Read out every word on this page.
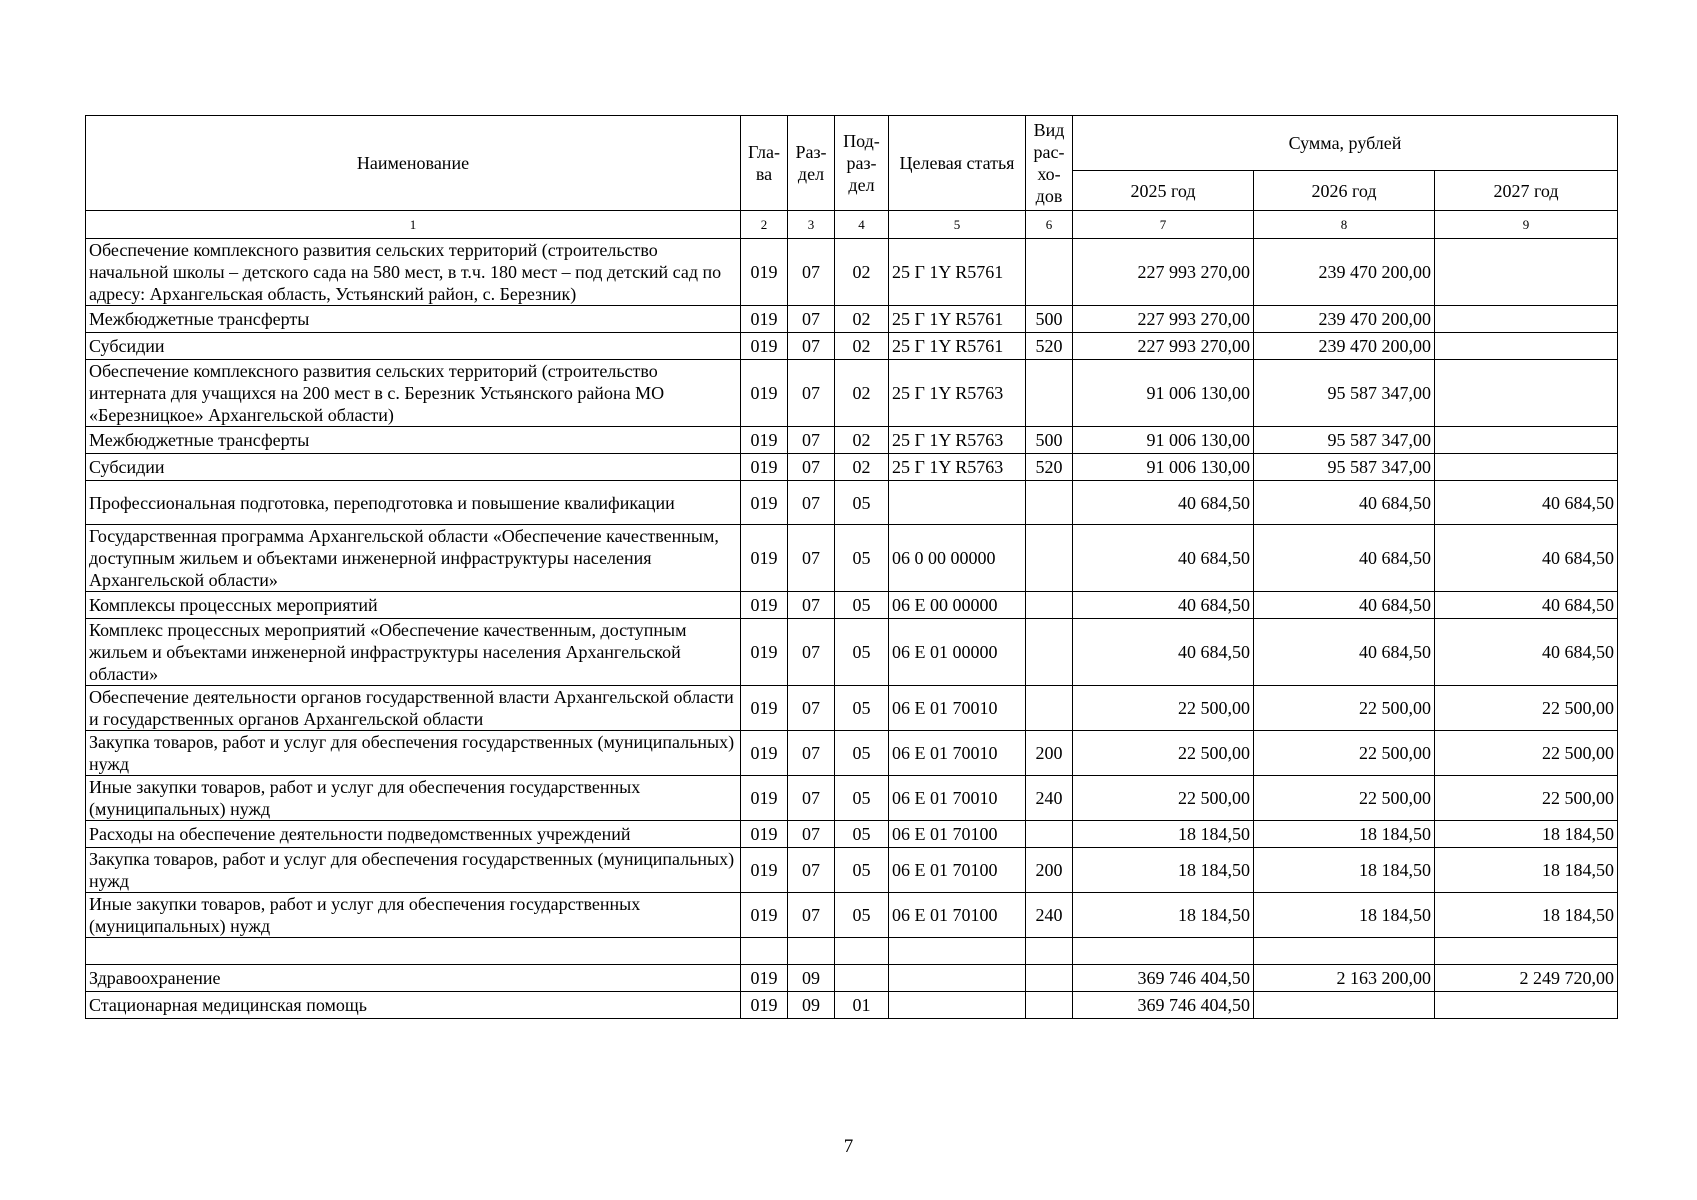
Наименование	Гла-ва	Раз-дел	Под-раз-дел	Целевая статья	Вид рас-хо-дов	Сумма, рублей		
						2025 год	2026 год	2027 год
1	2	3	4	5	6	7	8	9
Обеспечение комплексного развития сельских территорий (строительство начальной школы – детского сада на 580 мест, в т.ч. 180 мест – под детский сад по адресу: Архангельская область, Устьянский район, с. Березник)	019	07	02	25 Г 1Y R5761		227 993 270,00	239 470 200,00	
Межбюджетные трансферты	019	07	02	25 Г 1Y R5761	500	227 993 270,00	239 470 200,00	
Субсидии	019	07	02	25 Г 1Y R5761	520	227 993 270,00	239 470 200,00	
Обеспечение комплексного развития сельских территорий (строительство интерната для учащихся на 200 мест в с. Березник Устьянского района МО «Березницкое» Архангельской области)	019	07	02	25 Г 1Y R5763		91 006 130,00	95 587 347,00	
Межбюджетные трансферты	019	07	02	25 Г 1Y R5763	500	91 006 130,00	95 587 347,00	
Субсидии	019	07	02	25 Г 1Y R5763	520	91 006 130,00	95 587 347,00	
Профессиональная подготовка, переподготовка и повышение квалификации	019	07	05			40 684,50	40 684,50	40 684,50
Государственная программа Архангельской области «Обеспечение качественным, доступным жильем и объектами инженерной инфраструктуры населения Архангельской области»	019	07	05	06 0 00 00000		40 684,50	40 684,50	40 684,50
Комплексы процессных мероприятий	019	07	05	06 Е 00 00000		40 684,50	40 684,50	40 684,50
Комплекс процессных мероприятий «Обеспечение качественным, доступным жильем и объектами инженерной инфраструктуры населения Архангельской области»	019	07	05	06 Е 01 00000		40 684,50	40 684,50	40 684,50
Обеспечение деятельности органов государственной власти Архангельской области и государственных органов Архангельской области	019	07	05	06 Е 01 70010		22 500,00	22 500,00	22 500,00
Закупка товаров, работ и услуг для обеспечения государственных (муниципальных) нужд	019	07	05	06 Е 01 70010	200	22 500,00	22 500,00	22 500,00
Иные закупки товаров, работ и услуг для обеспечения государственных (муниципальных) нужд	019	07	05	06 Е 01 70010	240	22 500,00	22 500,00	22 500,00
Расходы на обеспечение деятельности подведомственных учреждений	019	07	05	06 Е 01 70100		18 184,50	18 184,50	18 184,50
Закупка товаров, работ и услуг для обеспечения государственных (муниципальных) нужд	019	07	05	06 Е 01 70100	200	18 184,50	18 184,50	18 184,50
Иные закупки товаров, работ и услуг для обеспечения государственных (муниципальных) нужд	019	07	05	06 Е 01 70100	240	18 184,50	18 184,50	18 184,50

Здравоохранение	019	09				369 746 404,50	2 163 200,00	2 249 720,00
Стационарная медицинская помощь	019	09	01			369 746 404,50		
7
